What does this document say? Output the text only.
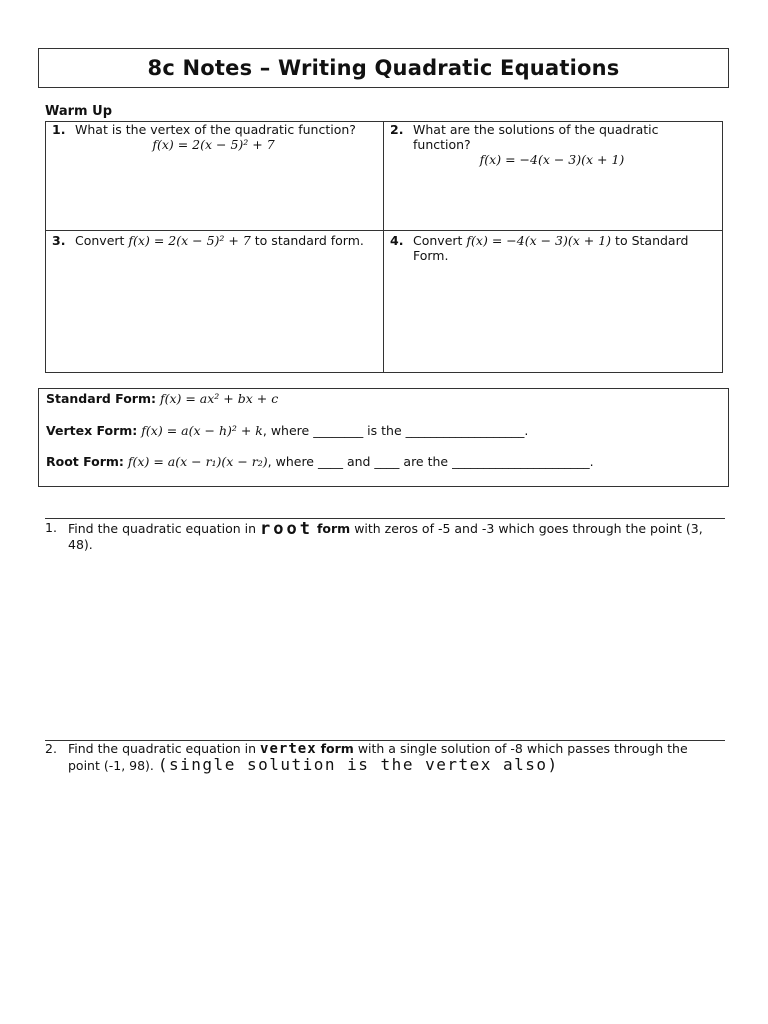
8c Notes – Writing Quadratic Equations
Warm Up
1. What is the vertex of the quadratic function?
f(x) = 2(x − 5)² + 7
2. What are the solutions of the quadratic function?
f(x) = −4(x − 3)(x + 1)
3. Convert f(x) = 2(x − 5)² + 7 to standard form.	4. Convert f(x) = −4(x − 3)(x + 1) to Standard Form.
Standard Form: f(x) = ax² + bx + c
Vertex Form: f(x) = a(x − h)² + k, where ________ is the ___________________.
Root Form: f(x) = a(x − r₁)(x − r₂), where ____ and ____ are the ______________________.
1. Find the quadratic equation in root form with zeros of -5 and -3 which goes through the point (3, 48).
2. Find the quadratic equation in vertex form with a single solution of -8 which passes through the point (-1, 98). (single solution is the vertex also)
